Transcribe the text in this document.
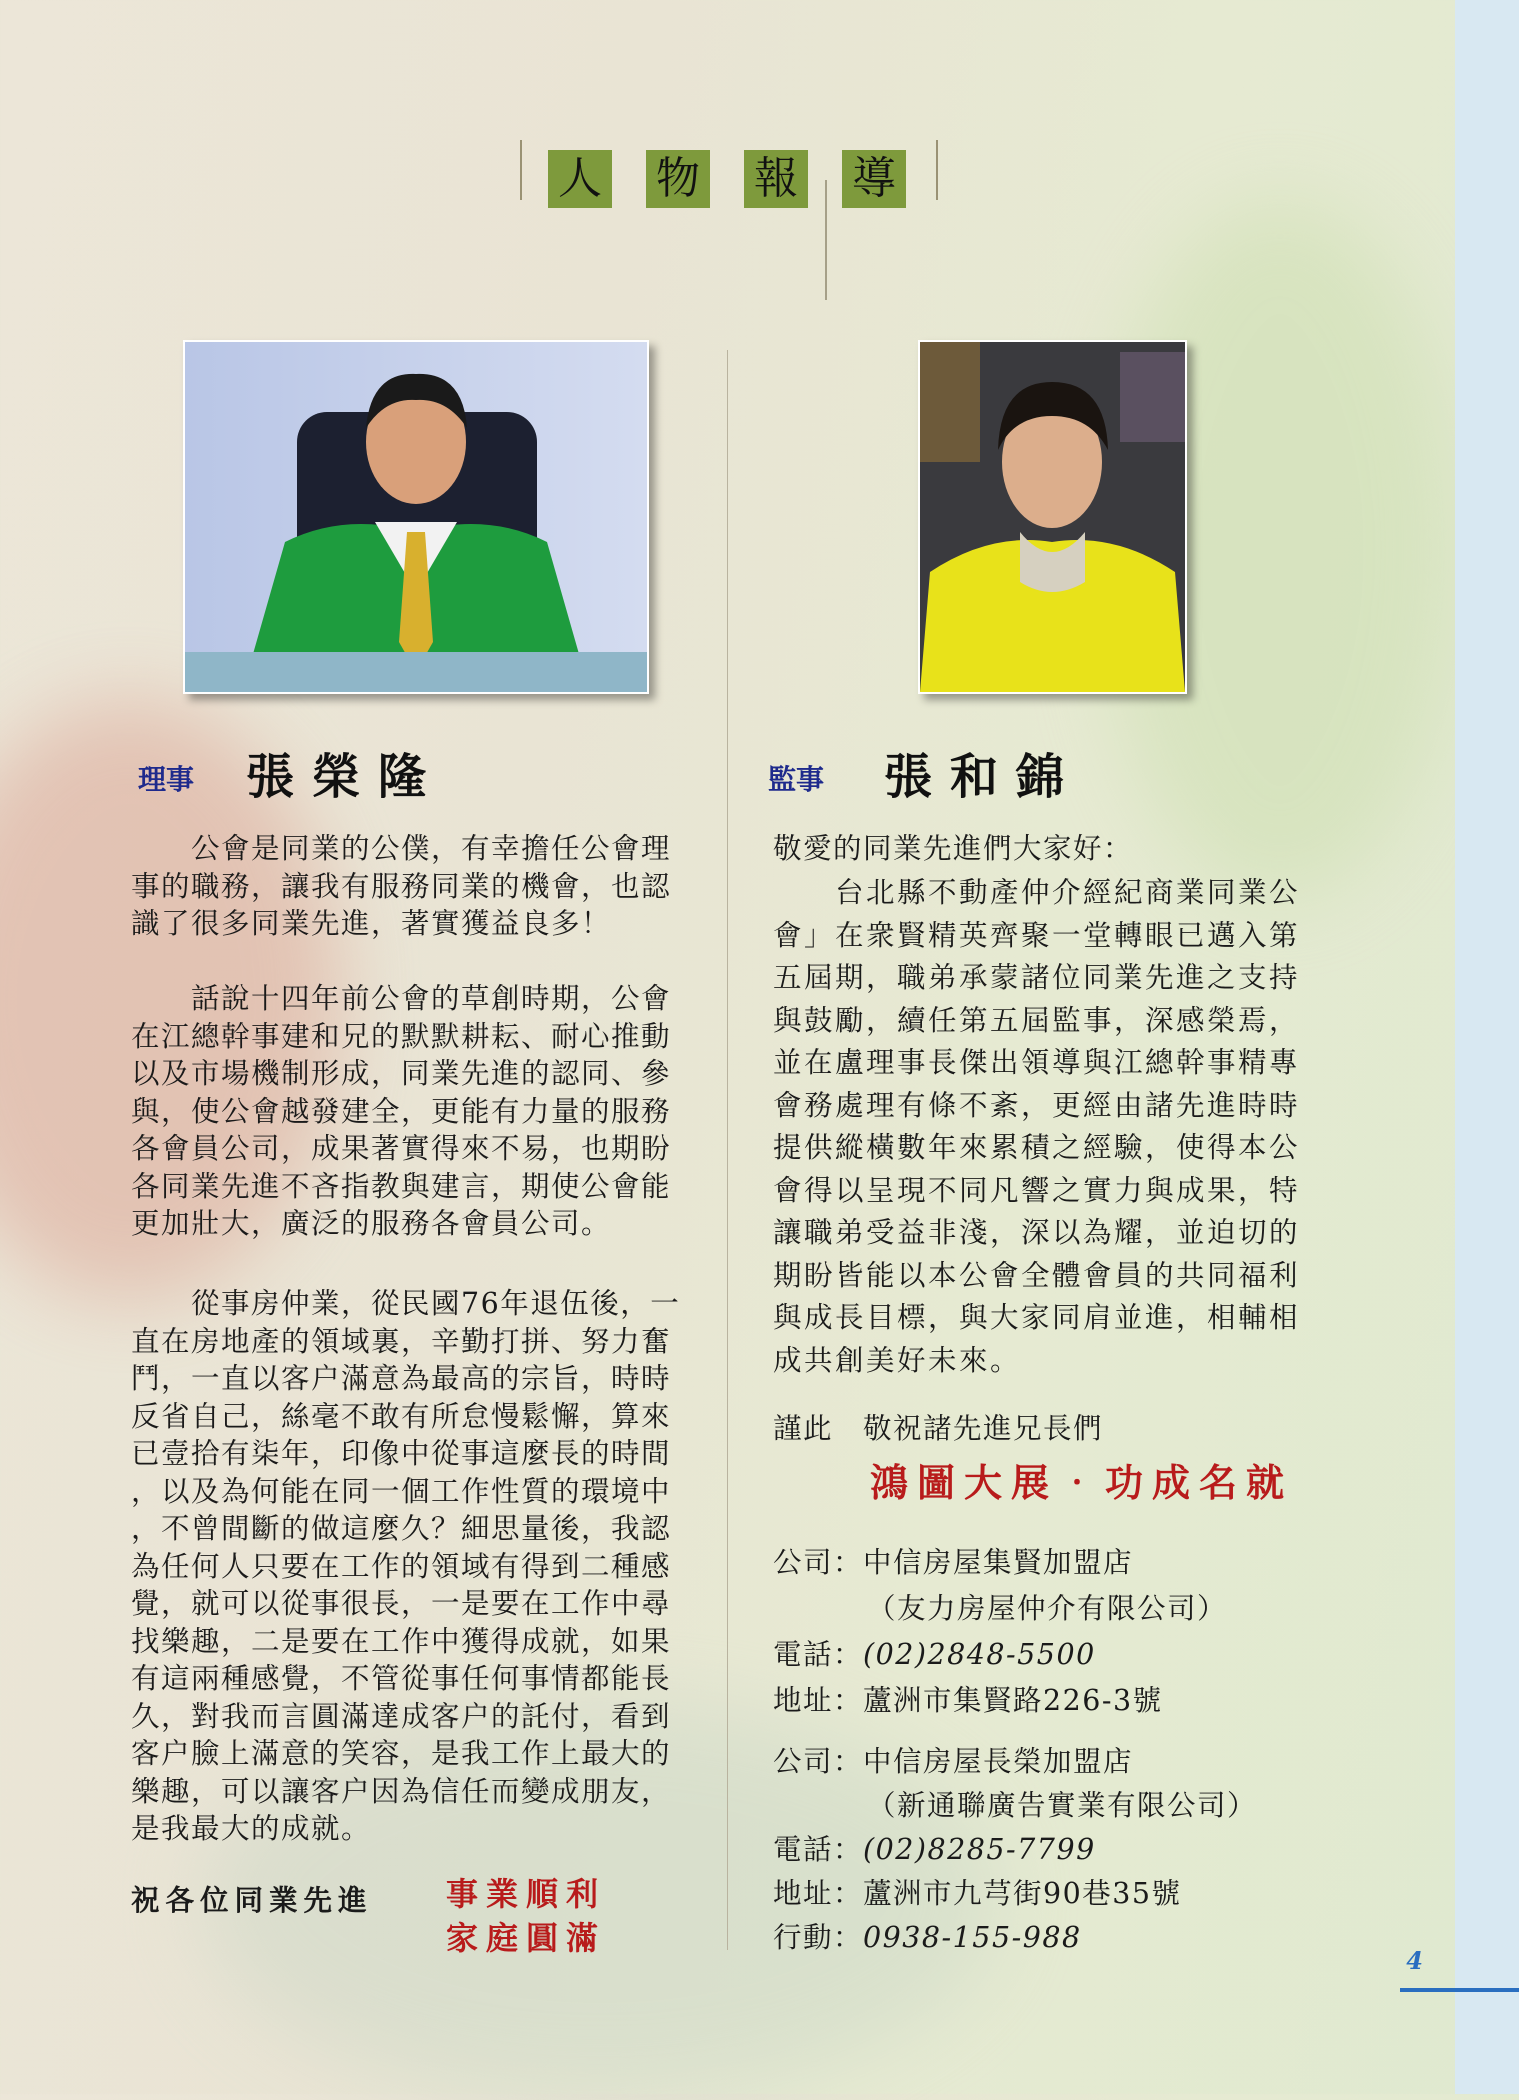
人 物 報 導
理事 張榮隆
　　公會是同業的公僕，有幸擔任公會理
事的職務，讓我有服務同業的機會，也認
識了很多同業先進，著實獲益良多！
　　話說十四年前公會的草創時期，公會
在江總幹事建和兄的默默耕耘、耐心推動
以及市場機制形成，同業先進的認同、參
與，使公會越發建全，更能有力量的服務
各會員公司，成果著實得來不易，也期盼
各同業先進不吝指教與建言，期使公會能
更加壯大，廣泛的服務各會員公司。
　　從事房仲業，從民國76年退伍後，一
直在房地產的領域裏，辛勤打拼、努力奮
鬥，一直以客户滿意為最高的宗旨，時時
反省自己，絲毫不敢有所怠慢鬆懈，算來
已壹拾有柒年，印像中從事這麼長的時間
，以及為何能在同一個工作性質的環境中
，不曾間斷的做這麼久？細思量後，我認
為任何人只要在工作的領域有得到二種感
覺，就可以從事很長，一是要在工作中尋
找樂趣，二是要在工作中獲得成就，如果
有這兩種感覺，不管從事任何事情都能長
久，對我而言圓滿達成客户的託付，看到
客户臉上滿意的笑容，是我工作上最大的
樂趣，可以讓客户因為信任而變成朋友，
是我最大的成就。
祝各位同業先進 事業順利
家庭圓滿
監事 張和錦
敬愛的同業先進們大家好：
　　台北縣不動產仲介經紀商業同業公
會」在衆賢精英齊聚一堂轉眼已邁入第
五屆期，職弟承蒙諸位同業先進之支持
與鼓勵，續任第五屆監事，深感榮焉，
並在盧理事長傑出領導與江總幹事精專
會務處理有條不紊，更經由諸先進時時
提供縱橫數年來累積之經驗，使得本公
會得以呈現不同凡響之實力與成果，特
讓職弟受益非淺，深以為耀，並迫切的
期盼皆能以本公會全體會員的共同福利
與成長目標，與大家同肩並進，相輔相
成共創美好未來。
謹此　敬祝諸先進兄長們
鴻圖大展‧功成名就
公司：中信房屋集賢加盟店
（友力房屋仲介有限公司）
電話：(02)2848-5500
地址：蘆洲市集賢路226-3號
公司：中信房屋長榮加盟店
（新通聯廣告實業有限公司）
電話：(02)8285-7799
地址：蘆洲市九芎街90巷35號
行動：0938-155-988
4
